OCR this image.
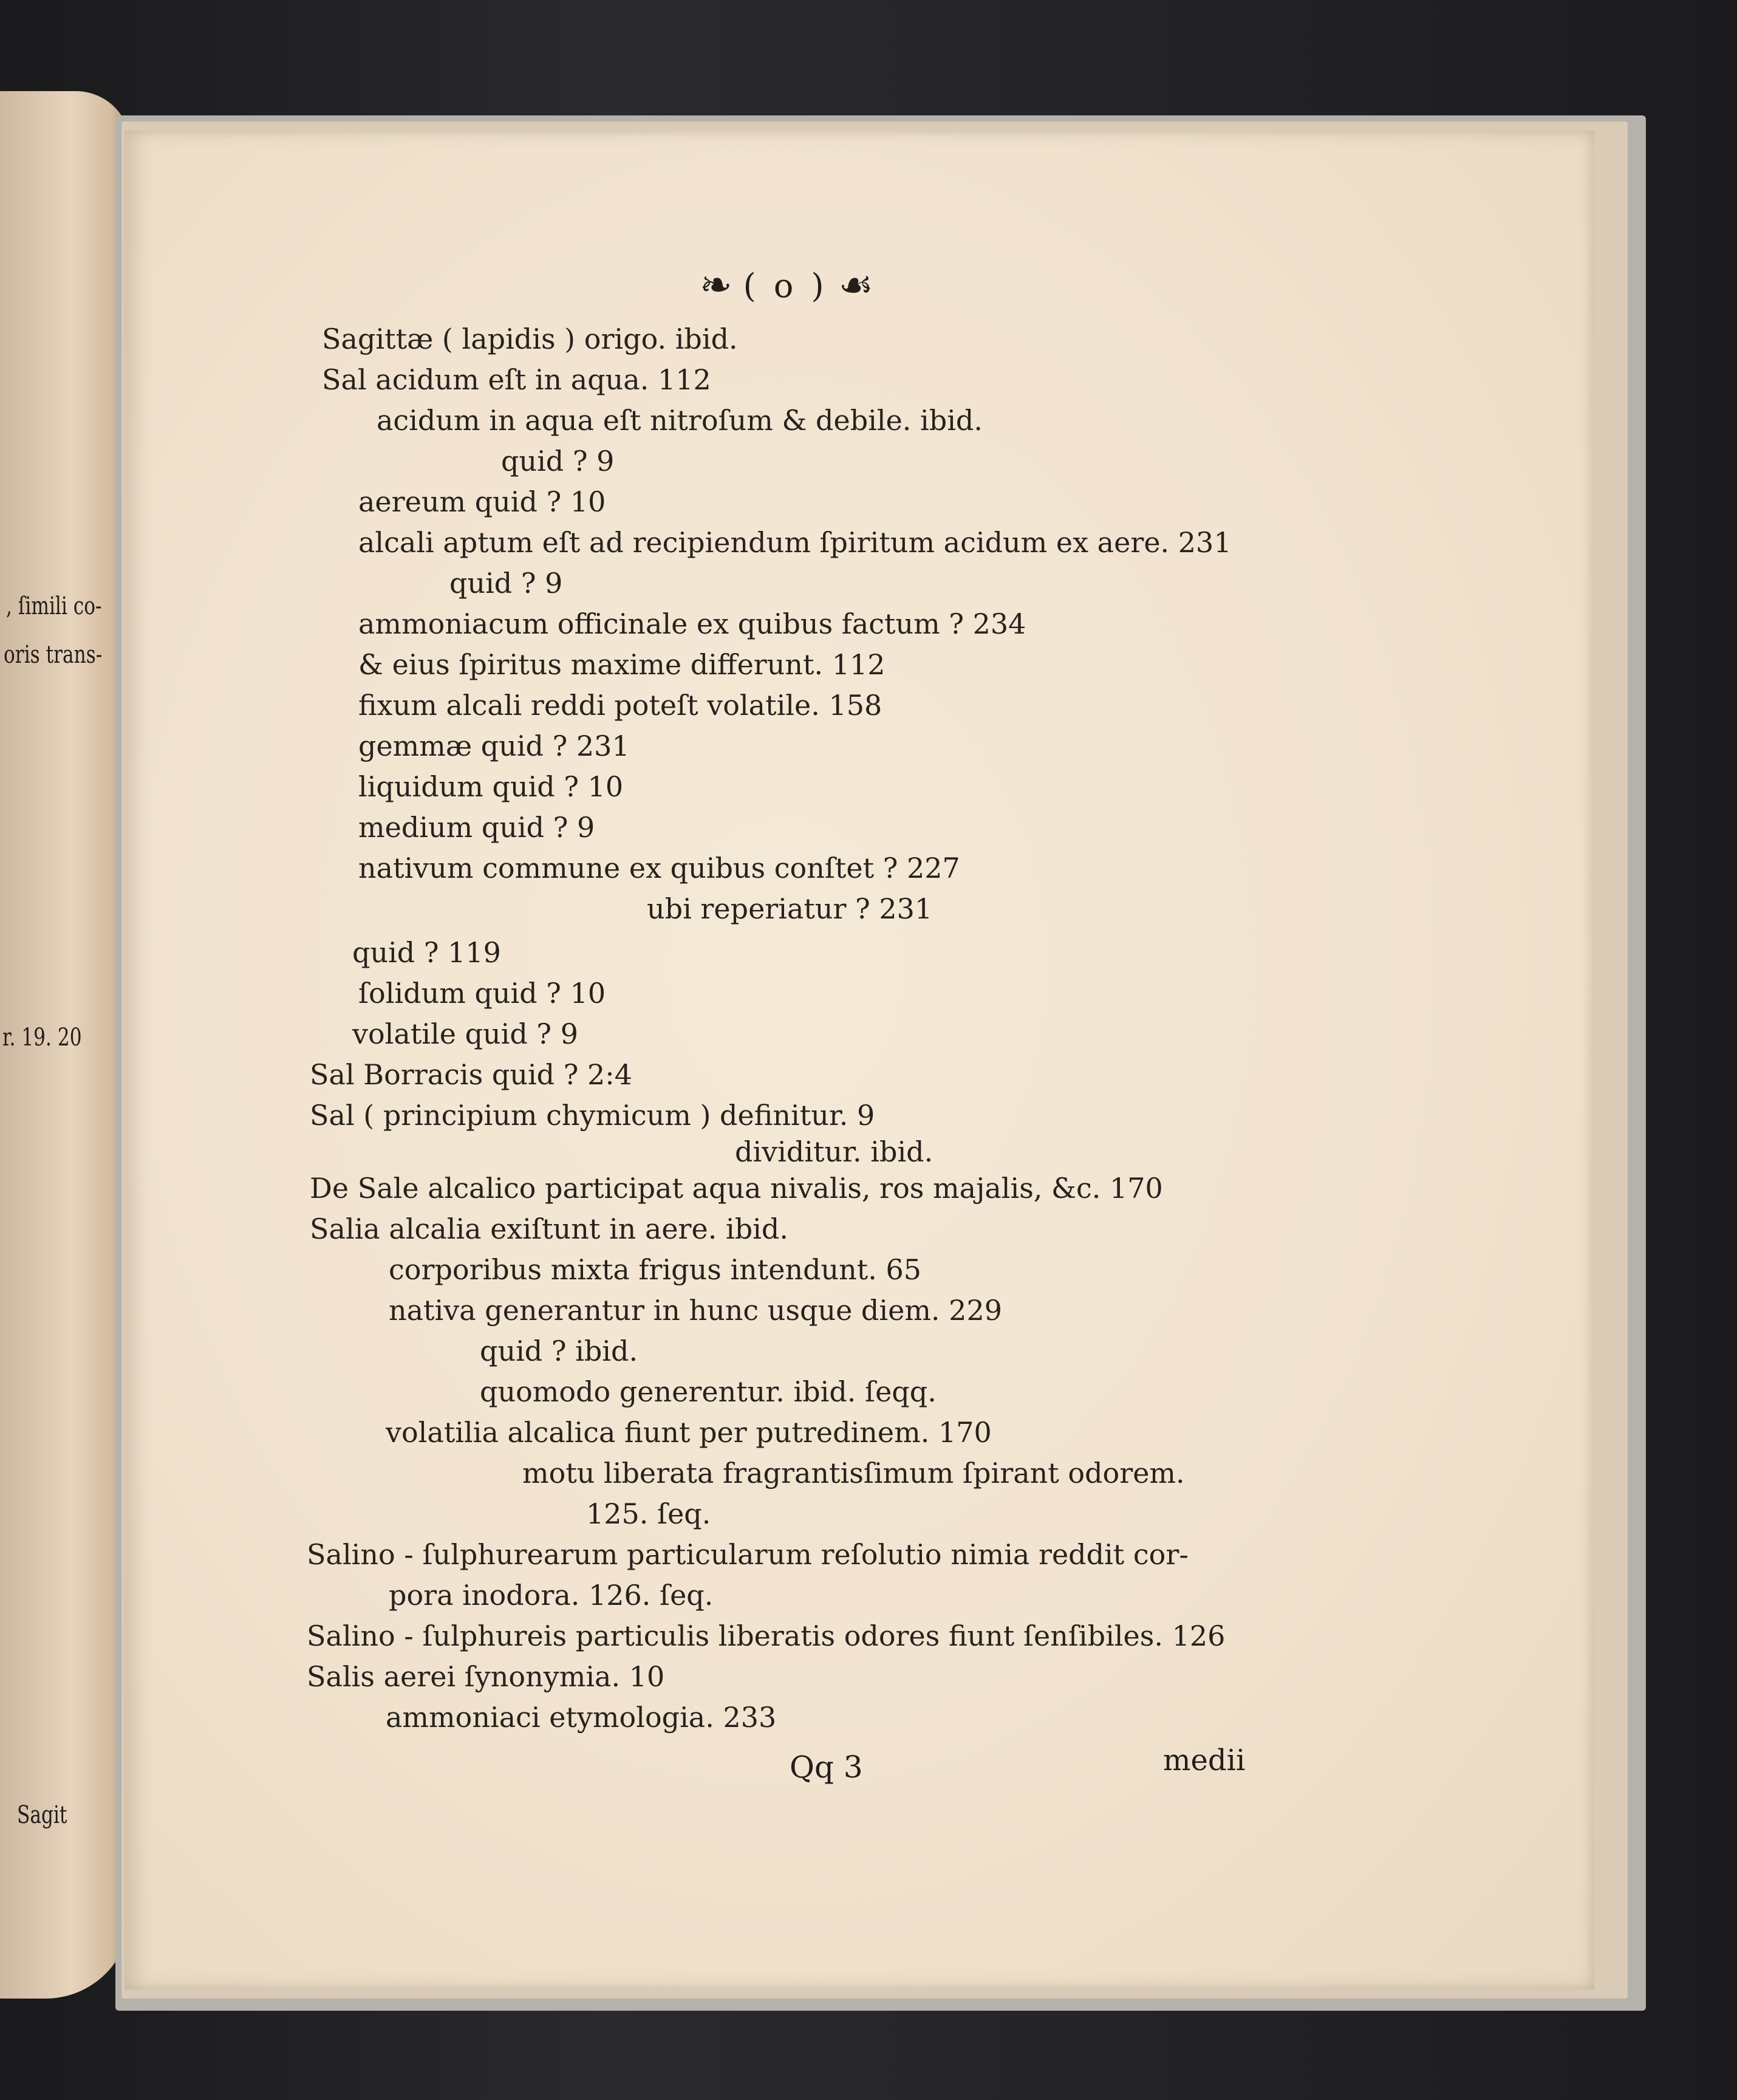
, ſimili co-
oris trans-
r. 19. 20
Sagit
❧ ( o ) ☙
Sagittæ ( lapidis ) origo. ibid.
Sal acidum eſt in aqua. 112
acidum in aqua eſt nitroſum & debile. ibid.
quid ? 9
aereum quid ? 10
alcali aptum eſt ad recipiendum ſpiritum acidum ex aere. 231
quid ? 9
ammoniacum officinale ex quibus factum ? 234
& eius ſpiritus maxime differunt. 112
fixum alcali reddi poteſt volatile. 158
gemmæ quid ? 231
liquidum quid ? 10
medium quid ? 9
nativum commune ex quibus conſtet ? 227
ubi reperiatur ? 231
quid ? 119
ſolidum quid ? 10
volatile quid ? 9
Sal Borracis quid ? 2:4
Sal ( principium chymicum ) definitur. 9
dividitur. ibid.
De Sale alcalico participat aqua nivalis, ros majalis, &c. 170
Salia alcalia exiſtunt in aere. ibid.
corporibus mixta frigus intendunt. 65
nativa generantur in hunc usque diem. 229
quid ? ibid.
quomodo generentur. ibid. ſeqq.
volatilia alcalica fiunt per putredinem. 170
motu liberata fragrantisſimum ſpirant odorem.
125. ſeq.
Salino - ſulphurearum particularum reſolutio nimia reddit cor-
pora inodora. 126. ſeq.
Salino - ſulphureis particulis liberatis odores fiunt ſenſibiles. 126
Salis aerei ſynonymia. 10
ammoniaci etymologia. 233
Qq 3	medii
